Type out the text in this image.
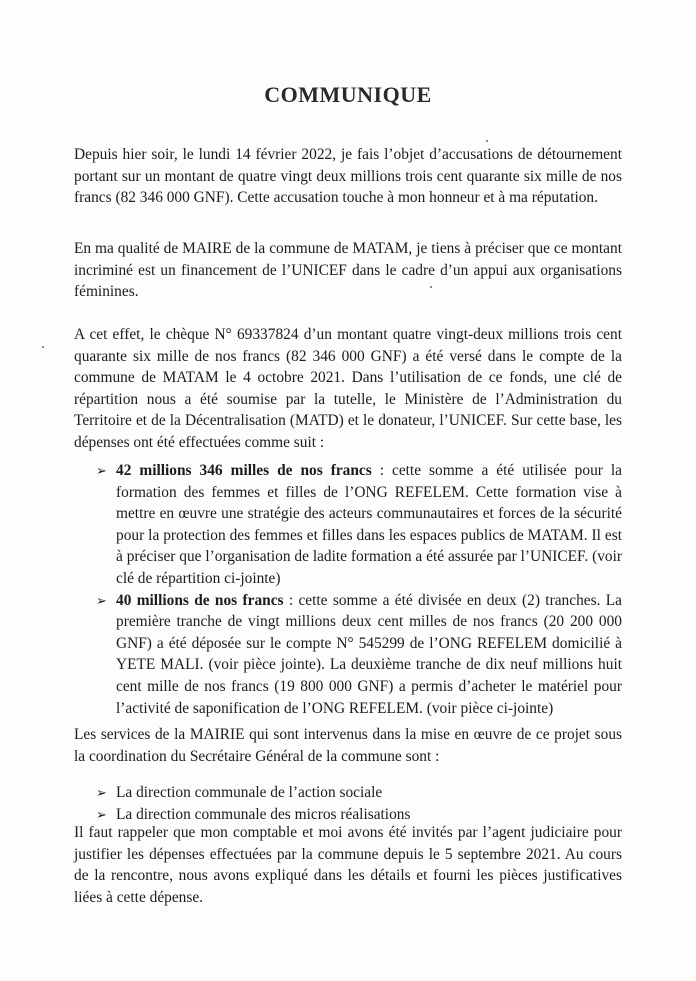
COMMUNIQUE

Depuis hier soir, le lundi 14 février 2022, je fais l’objet d’accusations de détournement portant sur un montant de quatre vingt deux millions trois cent quarante six mille de nos francs (82 346 000 GNF). Cette accusation touche à mon honneur et à ma réputation.

En ma qualité de MAIRE de la commune de MATAM, je tiens à préciser que ce montant incriminé est un financement de l’UNICEF dans le cadre d’un appui aux organisations féminines.

A cet effet, le chèque N° 69337824 d’un montant quatre vingt-deux millions trois cent quarante six mille de nos francs (82 346 000 GNF) a été versé dans le compte de la commune de MATAM le 4 octobre 2021. Dans l’utilisation de ce fonds, une clé de répartition nous a été soumise par la tutelle, le Ministère de l’Administration du Territoire et de la Décentralisation (MATD) et le donateur, l’UNICEF. Sur cette base, les dépenses ont été effectuées comme suit :

➢ 42 millions 346 milles de nos francs : cette somme a été utilisée pour la formation des femmes et filles de l’ONG REFELEM. Cette formation vise à mettre en œuvre une stratégie des acteurs communautaires et forces de la sécurité pour la protection des femmes et filles dans les espaces publics de MATAM. Il est à préciser que l’organisation de ladite formation a été assurée par l’UNICEF. (voir clé de répartition ci-jointe)
➢ 40 millions de nos francs : cette somme a été divisée en deux (2) tranches. La première tranche de vingt millions deux cent milles de nos francs (20 200 000 GNF) a été déposée sur le compte N° 545299 de l’ONG REFELEM domicilié à YETE MALI. (voir pièce jointe). La deuxième tranche de dix neuf millions huit cent mille de nos francs (19 800 000 GNF) a permis d’acheter le matériel pour l’activité de saponification de l’ONG REFELEM. (voir pièce ci-jointe)

Les services de la MAIRIE qui sont intervenus dans la mise en œuvre de ce projet sous la coordination du Secrétaire Général de la commune sont :

➢ La direction communale de l’action sociale
➢ La direction communale des micros réalisations

Il faut rappeler que mon comptable et moi avons été invités par l’agent judiciaire pour justifier les dépenses effectuées par la commune depuis le 5 septembre 2021. Au cours de la rencontre, nous avons expliqué dans les détails et fourni les pièces justificatives liées à cette dépense.
